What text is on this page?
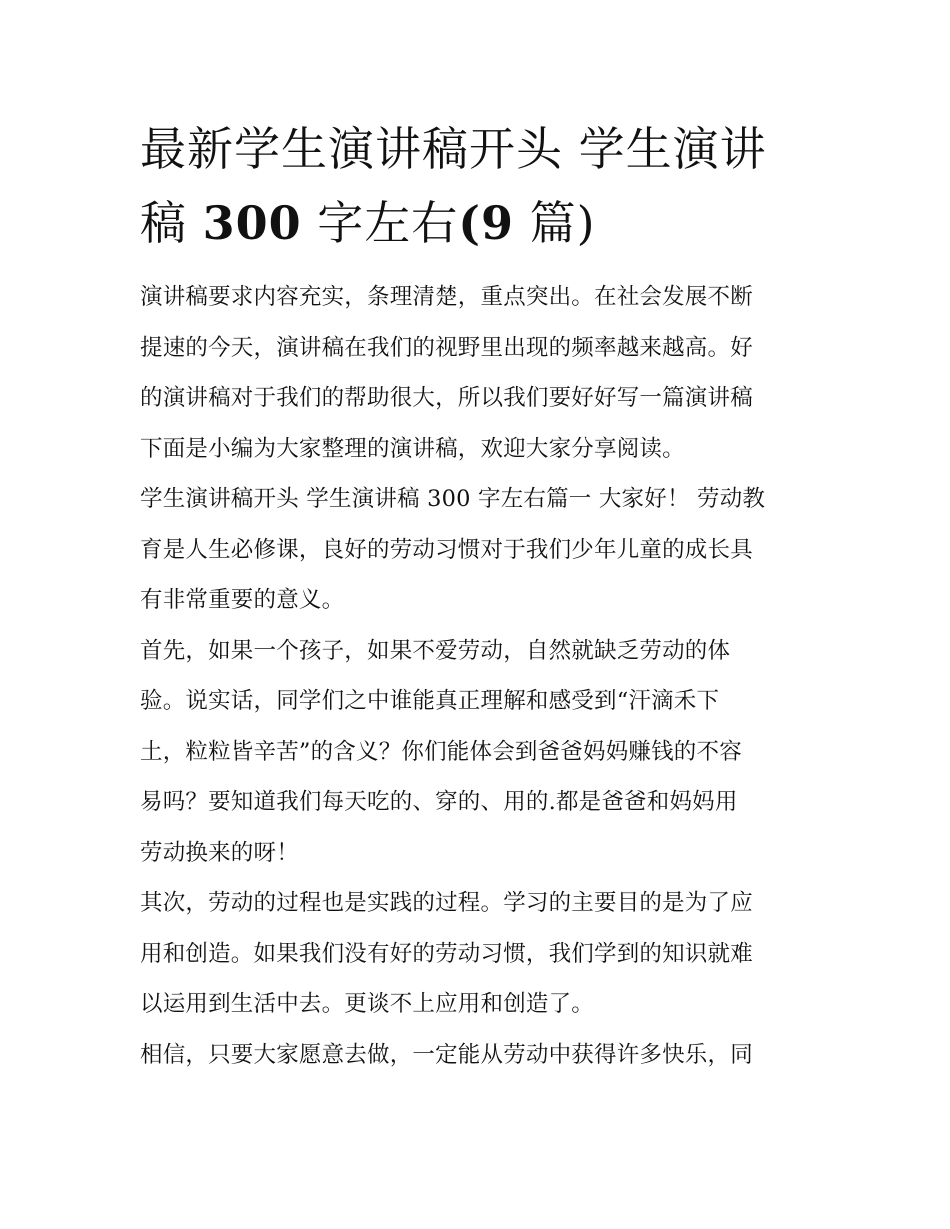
最新学生演讲稿开头 学生演讲
稿 300 字左右(9 篇)

演讲稿要求内容充实，条理清楚，重点突出。在社会发展不断
提速的今天，演讲稿在我们的视野里出现的频率越来越高。好
的演讲稿对于我们的帮助很大，所以我们要好好写一篇演讲稿
下面是小编为大家整理的演讲稿，欢迎大家分享阅读。

学生演讲稿开头 学生演讲稿 300 字左右篇一 大家好！ 劳动教
育是人生必修课，良好的劳动习惯对于我们少年儿童的成长具
有非常重要的意义。

首先，如果一个孩子，如果不爱劳动，自然就缺乏劳动的体
验。说实话，同学们之中谁能真正理解和感受到“汗滴禾下
土，粒粒皆辛苦”的含义？你们能体会到爸爸妈妈赚钱的不容
易吗？要知道我们每天吃的、穿的、用的.都是爸爸和妈妈用
劳动换来的呀！

其次，劳动的过程也是实践的过程。学习的主要目的是为了应
用和创造。如果我们没有好的劳动习惯，我们学到的知识就难
以运用到生活中去。更谈不上应用和创造了。

相信，只要大家愿意去做，一定能从劳动中获得许多快乐，同
